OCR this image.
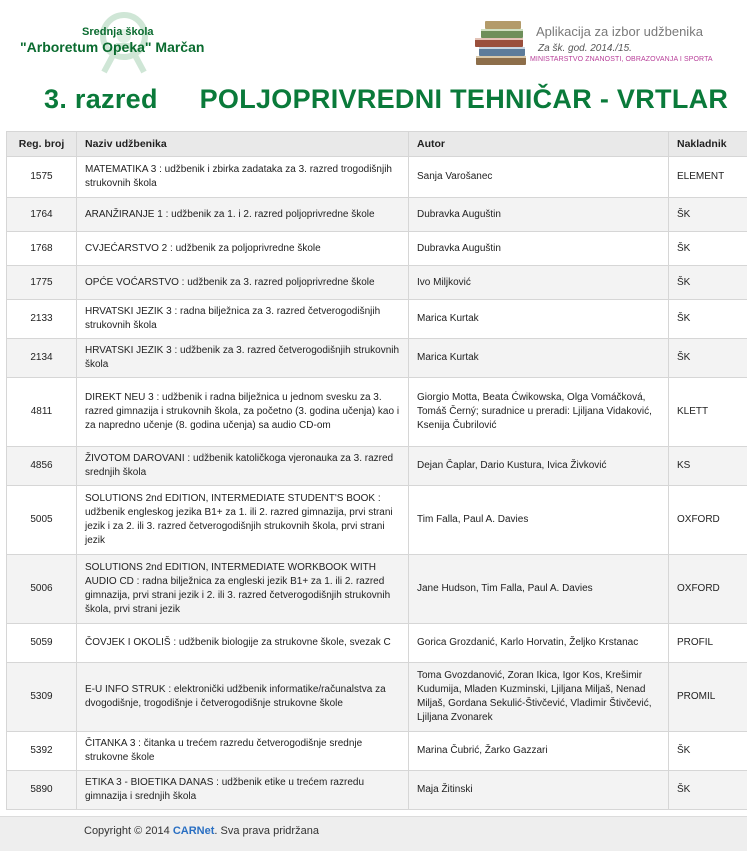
Srednja škola
"Arboretum Opeka" Marčan
Aplikacija za izbor udžbenika
Za šk. god. 2014./15.
MINISTARSTVO ZNANOSTI, OBRAZOVANJA I SPORTA
3. razred POLJOPRIVREDNI TEHNIČAR - VRTLAR
Reg. broj	Naziv udžbenika	Autor	Nakladnik
1575	MATEMATIKA 3 : udžbenik i zbirka zadataka za 3. razred trogodišnjih strukovnih škola	Sanja Varošanec	ELEMENT
1764	ARANŽIRANJE 1 : udžbenik za 1. i 2. razred poljoprivredne škole	Dubravka Auguštin	ŠK
1768	CVJEĆARSTVO 2 : udžbenik za poljoprivredne škole	Dubravka Auguštin	ŠK
1775	OPĆE VOĆARSTVO : udžbenik za 3. razred poljoprivredne škole	Ivo Miljković	ŠK
2133	HRVATSKI JEZIK 3 : radna bilježnica za 3. razred četverogodišnjih strukovnih škola	Marica Kurtak	ŠK
2134	HRVATSKI JEZIK 3 : udžbenik za 3. razred četverogodišnjih strukovnih škola	Marica Kurtak	ŠK
4811	DIREKT NEU 3 : udžbenik i radna bilježnica u jednom svesku za 3. razred gimnazija i strukovnih škola, za početno (3. godina učenja) kao i za napredno učenje (8. godina učenja) sa audio CD-om	Giorgio Motta, Beata Ćwikowska, Olga Vomáčková, Tomáš Černý; suradnice u preradi: Ljiljana Vidaković, Ksenija Čubrilović	KLETT
4856	ŽIVOTOM DAROVANI : udžbenik katoličkoga vjeronauka za 3. razred srednjih škola	Dejan Čaplar, Dario Kustura, Ivica Živković	KS
5005	SOLUTIONS 2nd EDITION, INTERMEDIATE STUDENT'S BOOK : udžbenik engleskog jezika B1+ za 1. ili 2. razred gimnazija, prvi strani jezik i za 2. ili 3. razred četverogodišnjih strukovnih škola, prvi strani jezik	Tim Falla, Paul A. Davies	OXFORD
5006	SOLUTIONS 2nd EDITION, INTERMEDIATE WORKBOOK WITH AUDIO CD : radna bilježnica za engleski jezik B1+ za 1. ili 2. razred gimnazija, prvi strani jezik i 2. ili 3. razred četverogodišnjih strukovnih škola, prvi strani jezik	Jane Hudson, Tim Falla, Paul A. Davies	OXFORD
5059	ČOVJEK I OKOLIŠ : udžbenik biologije za strukovne škole, svezak C	Gorica Grozdanić, Karlo Horvatin, Željko Krstanac	PROFIL
5309	E-U INFO STRUK : elektronički udžbenik informatike/računalstva za dvogodišnje, trogodišnje i četverogodišnje strukovne škole	Toma Gvozdanović, Zoran Ikica, Igor Kos, Krešimir Kudumija, Mladen Kuzminski, Ljiljana Miljaš, Nenad Miljaš, Gordana Sekulić-Štivčević, Vladimir Štivčević, Ljiljana Zvonarek	PROMIL
5392	ČITANKA 3 : čitanka u trećem razredu četverogodišnje srednje strukovne škole	Marina Čubrić, Žarko Gazzari	ŠK
5890	ETIKA 3 - BIOETIKA DANAS : udžbenik etike u trećem razredu gimnazija i srednjih škola	Maja Žitinski	ŠK
Copyright © 2014 CARNet. Sva prava pridržana
